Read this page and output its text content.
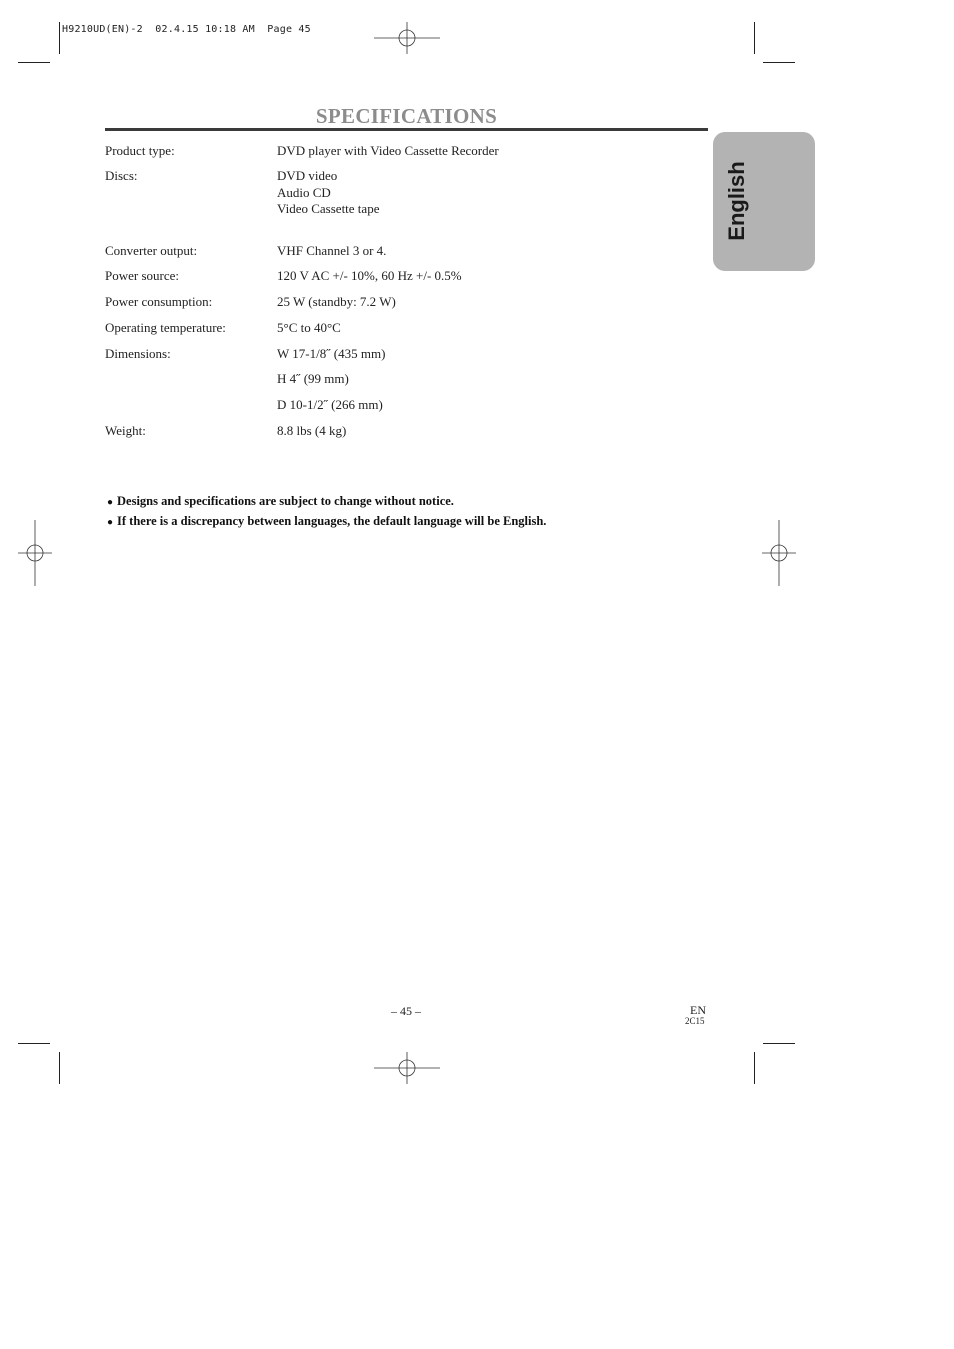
H9210UD(EN)-2  02.4.15 10:18 AM  Page 45
SPECIFICATIONS
English
Product type:	DVD player with Video Cassette Recorder
Discs:	DVD video
Audio CD
Video Cassette tape
Converter output:	VHF Channel 3 or 4.
Power source:	120 V AC +/- 10%, 60 Hz +/- 0.5%
Power consumption:	25 W (standby: 7.2 W)
Operating temperature:	5°C to 40°C
Dimensions:	W 17-1/8˝ (435 mm)
H 4˝ (99 mm)
D 10-1/2˝ (266 mm)
Weight:	8.8 lbs (4 kg)
● Designs and specifications are subject to change without notice.
● If there is a discrepancy between languages, the default language will be English.
– 45 –	EN
2C15
